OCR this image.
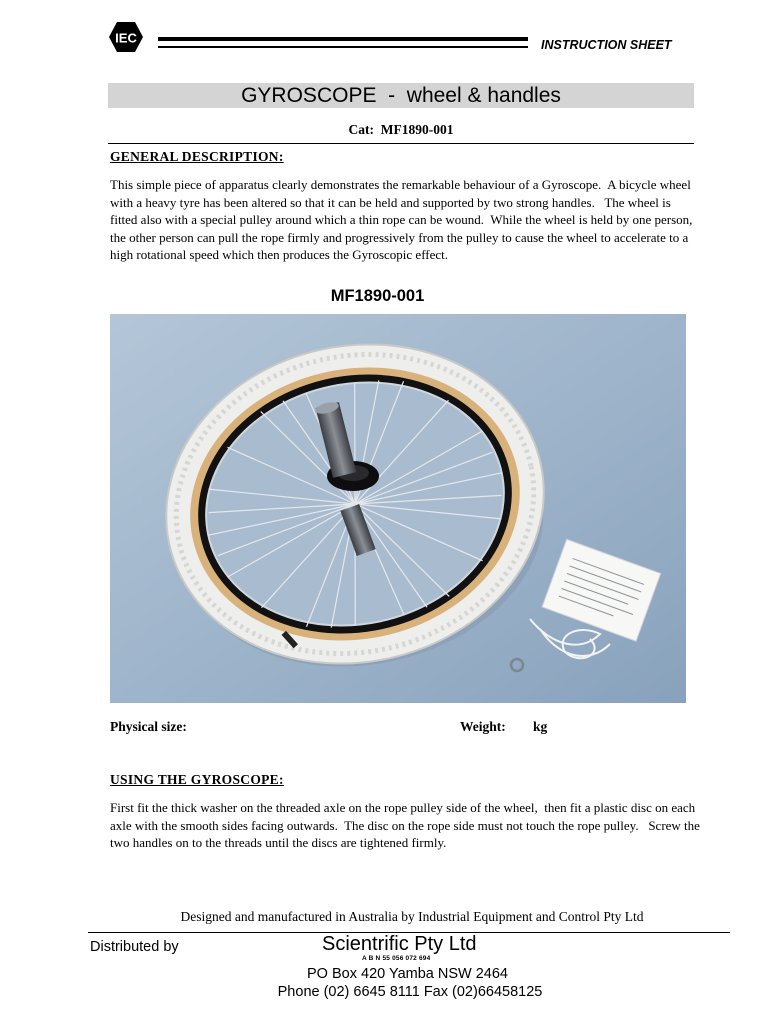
IEC	INSTRUCTION SHEET
GYROSCOPE  -  wheel & handles
Cat:  MF1890-001
GENERAL DESCRIPTION:
This simple piece of apparatus clearly demonstrates the remarkable behaviour of a Gyroscope.  A bicycle wheel with a heavy tyre has been altered so that it can be held and supported by two strong handles.   The wheel is fitted also with a special pulley around which a thin rope can be wound.  While the wheel is held by one person, the other person can pull the rope firmly and progressively from the pulley to cause the wheel to accelerate to a high rotational speed which then produces the Gyroscopic effect.
MF1890-001
Physical size:	Weight: kg
USING THE GYROSCOPE:
First fit the thick washer on the threaded axle on the rope pulley side of the wheel,  then fit a plastic disc on each axle with the smooth sides facing outwards.  The disc on the rope side must not touch the rope pulley.   Screw the two handles on to the threads until the discs are tightened firmly.
Designed and manufactured in Australia by Industrial Equipment and Control Pty Ltd
Distributed by	Scientrific Pty Ltd
A B N 55 056 072 694
PO Box 420 Yamba NSW 2464
Phone (02) 6645 8111 Fax (02)66458125
